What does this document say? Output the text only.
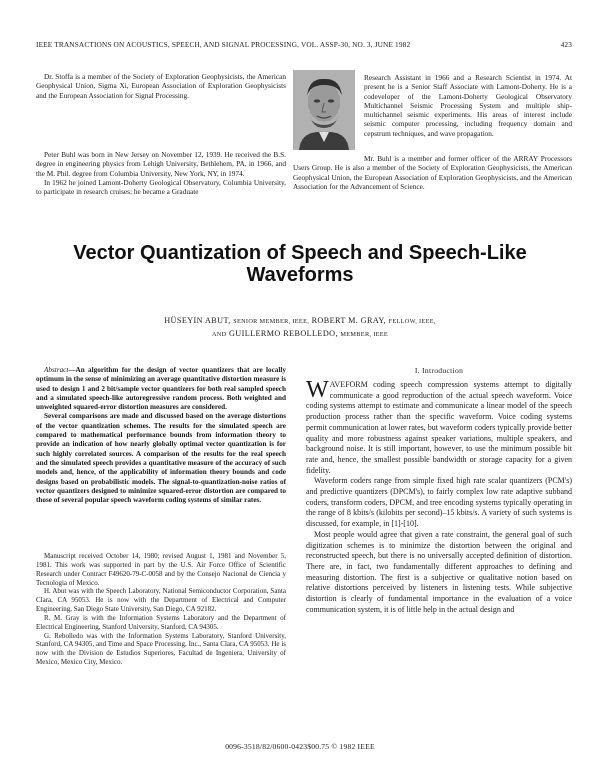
IEEE TRANSACTIONS ON ACOUSTICS, SPEECH, AND SIGNAL PROCESSING, VOL. ASSP-30, NO. 3, JUNE 1982	423

Dr. Stoffa is a member of the Society of Exploration Geophysicists, the American Geophysical Union, Sigma Xi, European Association of Exploration Geophysicists and the European Association for Signal Processing.

Peter Buhl was born in New Jersey on November 12, 1939. He received the B.S. degree in engineering physics from Lehigh University, Bethlehem, PA, in 1966, and the M. Phil. degree from Columbia University, New York, NY, in 1974.

In 1962 he joined Lamont-Doherty Geological Observatory, Columbia University, to participate in research cruises; he became a Graduate

Research Assistant in 1966 and a Research Scientist in 1974. At present he is a Senior Staff Associate with Lamont-Doherty. He is a codeveloper of the Lamont-Doherty Geological Observatory Multichannel Seismic Processing System and multiple ship-multichannel seismic experiments. His areas of interest include seismic computer processing, including frequency domain and cepstrum techniques, and wave propagation.

Mr. Buhl is a member and former officer of the ARRAY Processors Users Group. He is also a member of the Society of Exploration Geophysicists, the American Geophysical Union, the European Association of Exploration Geophysicists, and the American Association for the Advancement of Science.

Vector Quantization of Speech and Speech-Like Waveforms
HÜSEYIN ABUT, SENIOR MEMBER, IEEE, ROBERT M. GRAY, FELLOW, IEEE,
AND GUILLERMO REBOLLEDO, MEMBER, IEEE

Abstract—An algorithm for the design of vector quantizers that are locally optimum in the sense of minimizing an average quantitative distortion measure is used to design 1 and 2 bit/sample vector quantizers for both real sampled speech and a simulated speech-like autoregressive random process. Both weighted and unweighted squared-error distortion measures are considered.

Several comparisons are made and discussed based on the average distortions of the vector quantization schemes. The results for the simulated speech are compared to mathematical performance bounds from information theory to provide an indication of how nearly globally optimal vector quantization is for such highly correlated sources. A comparison of the results for the real speech and the simulated speech provides a quantitative measure of the accuracy of such models and, hence, of the applicability of information theory bounds and code designs based on probabilistic models. The signal-to-quantization-noise ratios of vector quantizers designed to minimize squared-error distortion are compared to those of several popular speech waveform coding systems of similar rates.

Manuscript received October 14, 1980; revised August 1, 1981 and November 5, 1981. This work was supported in part by the U.S. Air Force Office of Scientific Research under Contract F49620-79-C-0058 and by the Consejo Nacional de Ciencia y Tecnologia of Mexico.

H. Abut was with the Speech Laboratory, National Semiconductor Corporation, Santa Clara, CA 95053. He is now with the Department of Electrical and Computer Engineering, San Diego State University, San Diego, CA 92182.

R. M. Gray is with the Information Systems Laboratory and the Department of Electrical Engineering, Stanford University, Stanford, CA 94305.

G. Rebolledo was with the Information Systems Laboratory, Stanford University, Stanford, CA 94305, and Time and Space Processing, Inc., Santa Clara, CA 95053. He is now with the Division de Estudios Superiores, Facultad de Ingeniera, University of Mexico, Mexico City, Mexico.

I. Introduction

WAVEFORM coding speech compression systems attempt to digitally communicate a good reproduction of the actual speech waveform. Voice coding systems attempt to estimate and communicate a linear model of the speech production process rather than the specific waveform. Voice coding systems permit communication at lower rates, but waveform coders typically provide better quality and more robustness against speaker variations, multiple speakers, and background noise. It is still important, however, to use the minimum possible bit rate and, hence, the smallest possible bandwidth or storage capacity for a given fidelity.

Waveform coders range from simple fixed high rate scalar quantizers (PCM's) and predictive quantizers (DPCM's), to fairly complex low rate adaptive subband coders, transform coders, DPCM, and tree encoding systems typically operating in the range of 8 kbits/s (kilobits per second)–15 kbits/s. A variety of such systems is discussed, for example, in [1]-[10].

Most people would agree that given a rate constraint, the general goal of such digitization schemes is to minimize the distortion between the original and reconstructed speech, but there is no universally accepted definition of distortion. There are, in fact, two fundamentally different approaches to defining and measuring distortion. The first is a subjective or qualitative notion based on relative distortions perceived by listeners in listening tests. While subjective distortion is clearly of fundamental importance in the evaluation of a voice communication system, it is of little help in the actual design and

0096-3518/82/0600-0423$00.75 © 1982 IEEE
